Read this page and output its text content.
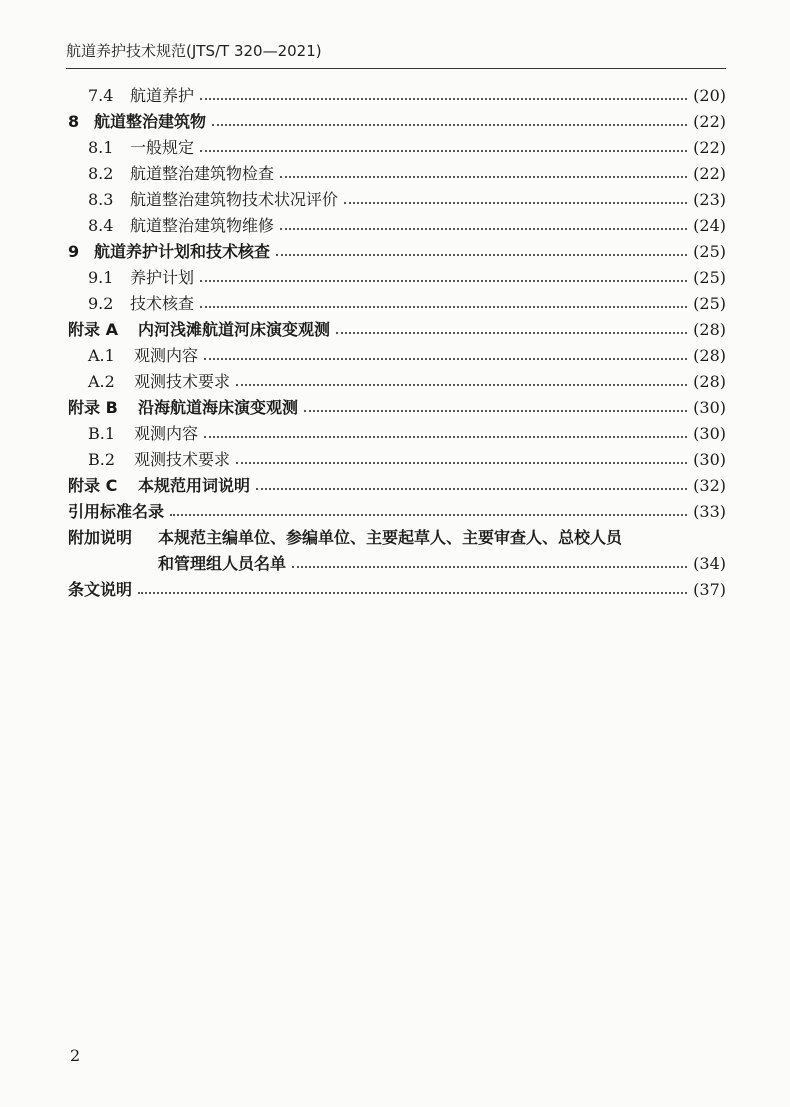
航道养护技术规范(JTS/T 320—2021)
7.4	航道养护	(20)
8 航道整治建筑物	(22)
8.1	一般规定	(22)
8.2	航道整治建筑物检查	(22)
8.3	航道整治建筑物技术状况评价	(23)
8.4	航道整治建筑物维修	(24)
9 航道养护计划和技术核查	(25)
9.1	养护计划	(25)
9.2	技术核查	(25)
附录 A	内河浅滩航道河床演变观测	(28)
A.1	观测内容	(28)
A.2	观测技术要求	(28)
附录 B	沿海航道海床演变观测	(30)
B.1	观测内容	(30)
B.2	观测技术要求	(30)
附录 C	本规范用词说明	(32)
引用标准名录	(33)
附加说明	本规范主编单位、参编单位、主要起草人、主要审查人、总校人员
和管理组人员名单	(34)
条文说明	(37)
2
